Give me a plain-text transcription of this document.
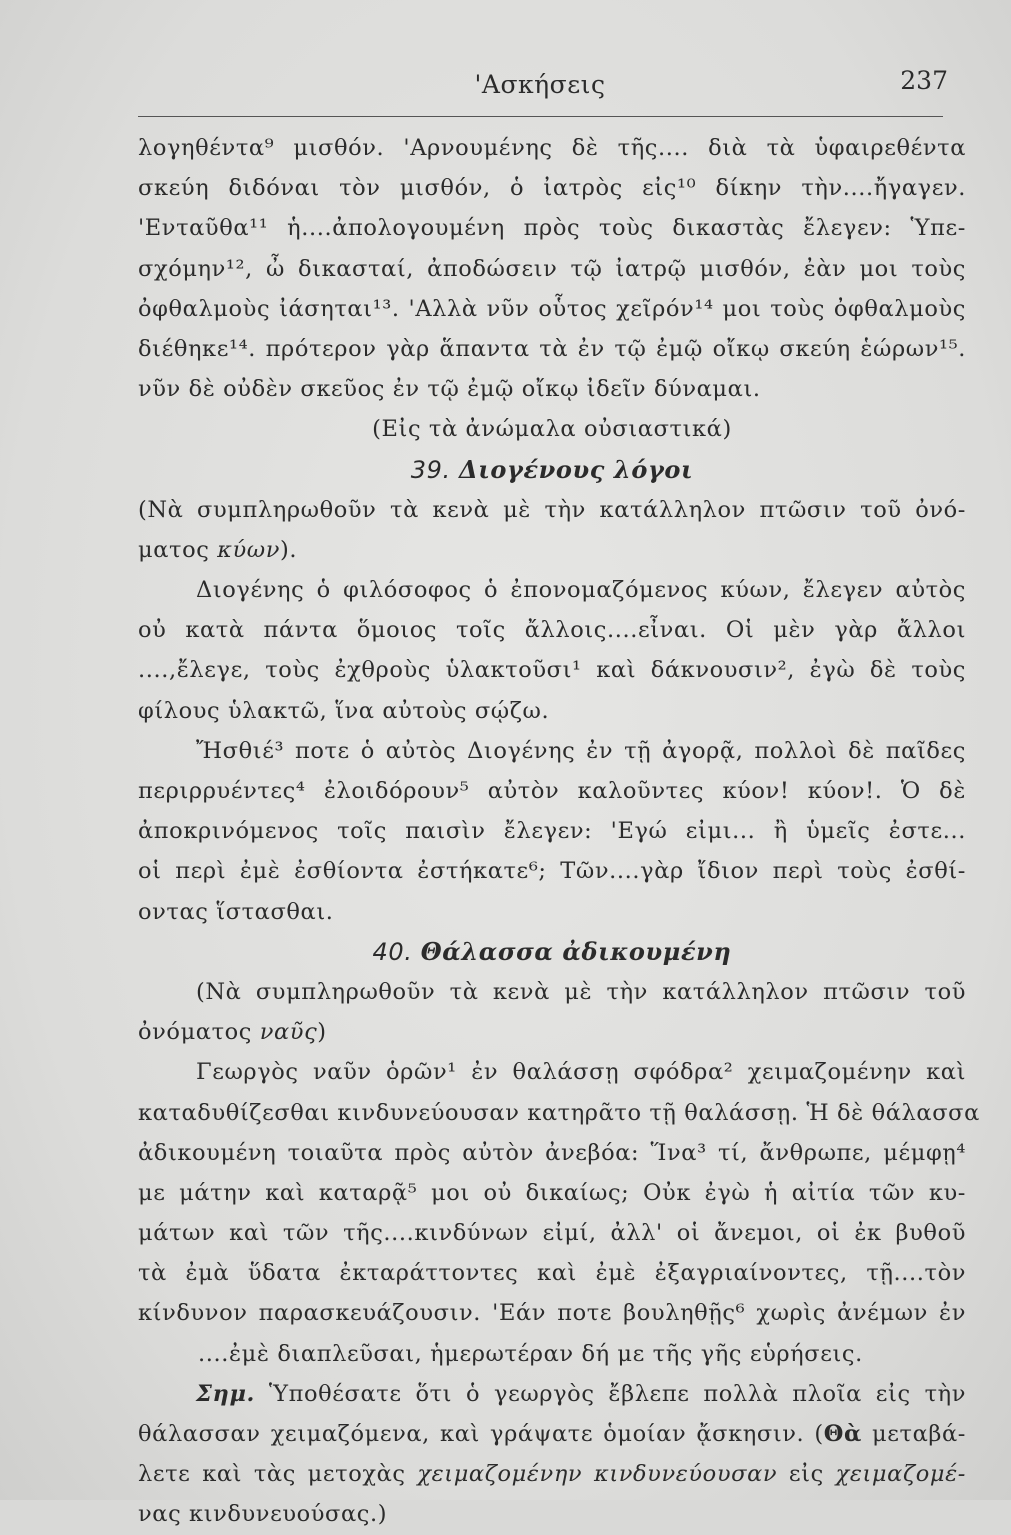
'Ασκήσεις	237
λογηθέντα⁹ μισθόν. 'Αρνουμένης δὲ τῆς.... διὰ τὰ ὑφαιρεθέντα
σκεύη διδόναι τὸν μισθόν, ὁ ἰατρὸς εἰς¹⁰ δίκην τὴν....ἤγαγεν.
'Ενταῦθα¹¹ ἡ....ἀπολογουμένη πρὸς τοὺς δικαστὰς ἔλεγεν: Ὑπε-
σχόμην¹², ὦ δικασταί, ἀποδώσειν τῷ ἰατρῷ μισθόν, ἐὰν μοι τοὺς
ὀφθαλμοὺς ἰάσηται¹³. 'Αλλὰ νῦν οὗτος χεῖρόν¹⁴ μοι τοὺς ὀφθαλμοὺς
διέθηκε¹⁴. πρότερον γὰρ ἅπαντα τὰ ἐν τῷ ἐμῷ οἴκῳ σκεύη ἑώρων¹⁵.
νῦν δὲ οὐδὲν σκεῦος ἐν τῷ ἐμῷ οἴκῳ ἰδεῖν δύναμαι.
(Εἰς τὰ ἀνώμαλα οὐσιαστικά)
39. Διογένους λόγοι
(Νὰ συμπληρωθοῦν τὰ κενὰ μὲ τὴν κατάλληλον πτῶσιν τοῦ ὀνό-
ματος κύων).
Διογένης ὁ φιλόσοφος ὁ ἐπονομαζόμενος κύων, ἔλεγεν αὐτὸς
οὐ κατὰ πάντα ὅμοιος τοῖς ἄλλοις....εἶναι. Οἱ μὲν γὰρ ἄλλοι
....,ἔλεγε, τοὺς ἐχθροὺς ὑλακτοῦσι¹ καὶ δάκνουσιν², ἐγὼ δὲ τοὺς
φίλους ὑλακτῶ, ἵνα αὐτοὺς σῴζω.
Ἤσθιέ³ ποτε ὁ αὐτὸς Διογένης ἐν τῇ ἀγορᾷ, πολλοὶ δὲ παῖδες
περιρρυέντες⁴ ἐλοιδόρουν⁵ αὐτὸν καλοῦντες κύον! κύον!. Ὁ δὲ
ἀποκρινόμενος τοῖς παισὶν ἔλεγεν: 'Εγώ εἰμι... ἢ ὑμεῖς ἐστε...
οἱ περὶ ἐμὲ ἐσθίοντα ἐστήκατε⁶; Τῶν....γὰρ ἴδιον περὶ τοὺς ἐσθί-
οντας ἵστασθαι.
40. Θάλασσα ἀδικουμένη
(Νὰ συμπληρωθοῦν τὰ κενὰ μὲ τὴν κατάλληλον πτῶσιν τοῦ
ὀνόματος ναῦς)
Γεωργὸς ναῦν ὁρῶν¹ ἐν θαλάσσῃ σφόδρα² χειμαζομένην καὶ
καταδυθίζεσθαι κινδυνεύουσαν κατηρᾶτο τῇ θαλάσσῃ. Ἡ δὲ θάλασσα
ἀδικουμένη τοιαῦτα πρὸς αὐτὸν ἀνεβόα: Ἵνα³ τί, ἄνθρωπε, μέμφῃ⁴
με μάτην καὶ καταρᾷ⁵ μοι οὐ δικαίως; Οὐκ ἐγὼ ἡ αἰτία τῶν κυ-
μάτων καὶ τῶν τῆς....κινδύνων εἰμί, ἀλλ' οἱ ἄνεμοι, οἱ ἐκ βυθοῦ
τὰ ἐμὰ ὕδατα ἐκταράττοντες καὶ ἐμὲ ἐξαγριαίνοντες, τῇ....τὸν
κίνδυνον παρασκευάζουσιν. 'Εάν ποτε βουληθῇς⁶ χωρὶς ἀνέμων ἐν
....ἐμὲ διαπλεῦσαι, ἡμερωτέραν δή με τῆς γῆς εὑρήσεις.
Σημ. Ὑποθέσατε ὅτι ὁ γεωργὸς ἔβλεπε πολλὰ πλοῖα εἰς τὴν
θάλασσαν χειμαζόμενα, καὶ γράψατε ὁμοίαν ᾄσκησιν. (Θὰ μεταβά-
λετε καὶ τὰς μετοχὰς χειμαζομένην κινδυνεύουσαν εἰς χειμαζομέ-
νας κινδυνευούσας.)
